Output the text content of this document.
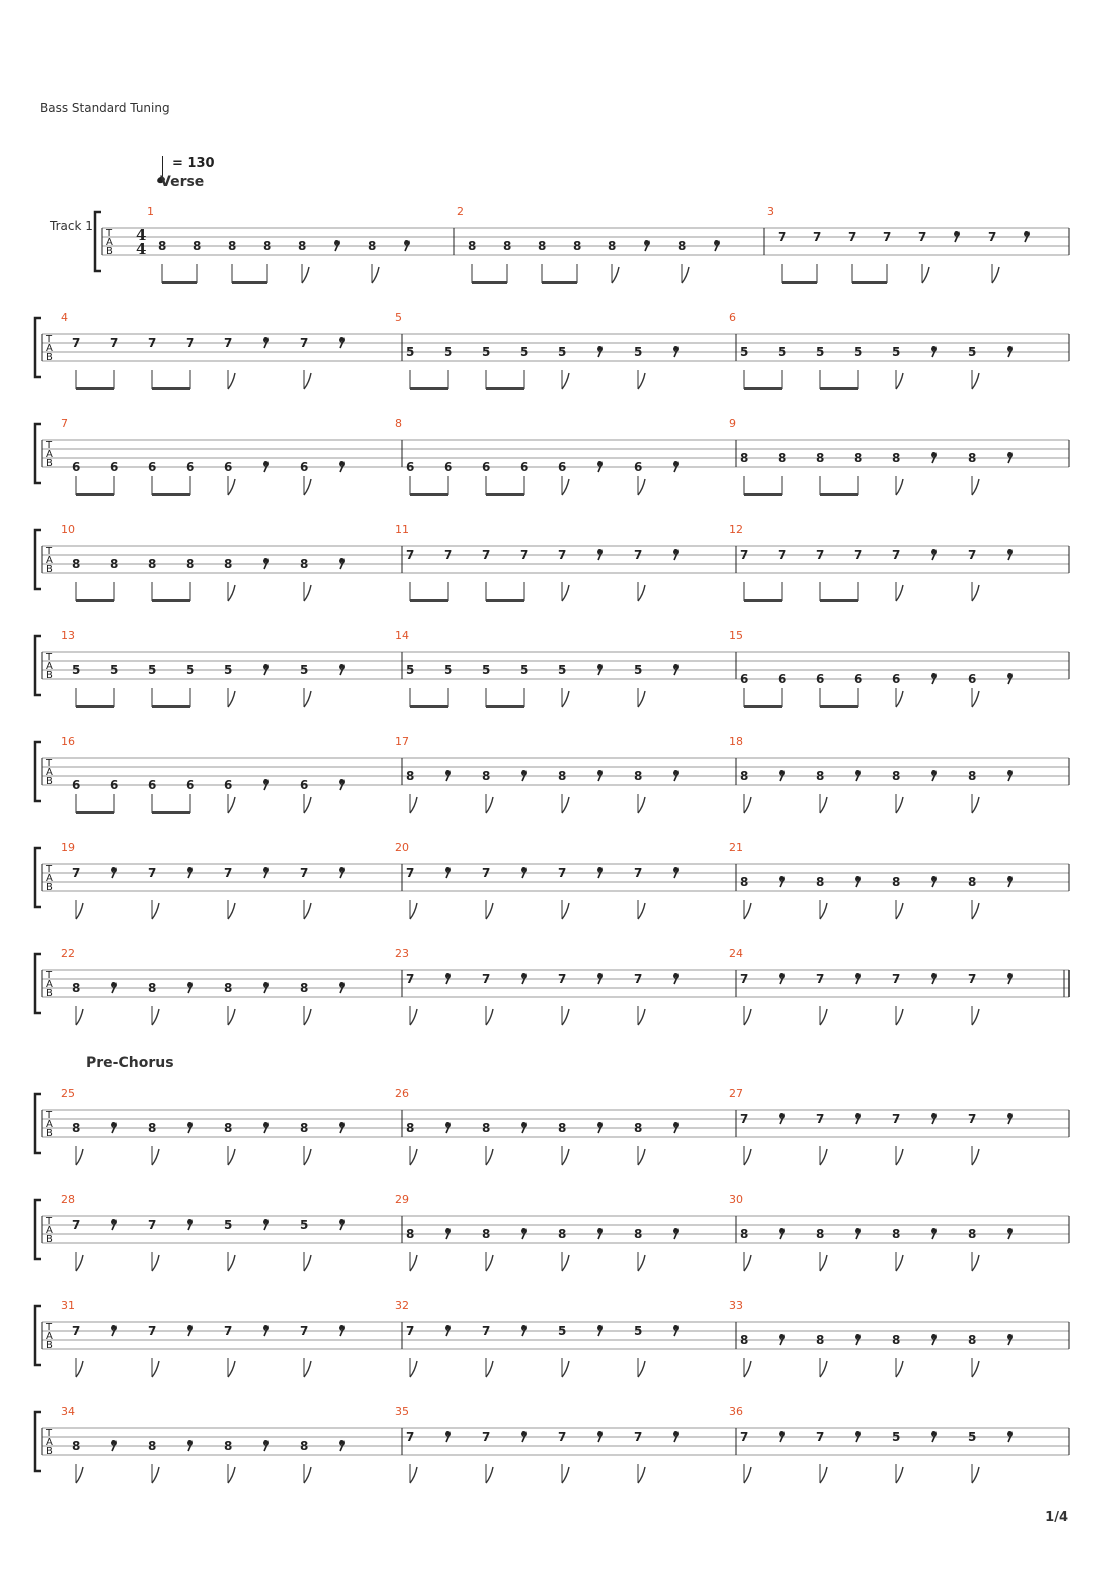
Bass Standard Tuning
= 130
Verse
Pre-Chorus
Track 1
1/4
T
A
B
4
4
1
8 8 8 8 8	8
2
8 8 8 8 8	8
3
7 7 7 7 7	7
T
A
B
4
7 7 7 7 7	7
5
5 5 5 5 5	5
6
5 5 5 5 5	5
T
A
B
7
6 6 6 6 6	6
8
6 6 6 6 6	6
9
8 8 8 8 8	8
T
A
B
10
8 8 8 8 8	8
11
7 7 7 7 7	7
12
7 7 7 7 7	7
T
A
B
13
5 5 5 5 5	5
14
5 5 5 5 5	5
15
6 6 6 6 6	6
T
A
B
16
6 6 6 6 6	6
17
8	8	8	8
18
8	8	8	8
T
A
B
19
7	7	7	7
20
7	7	7	7
21
8	8	8	8
T
A
B
22
8	8	8	8
23
7	7	7	7
24
7	7	7	7
T
A
B
25
8	8	8	8
26
8	8	8	8
27
7	7	7	7
T
A
B
28
7	7	5	5
29
8	8	8	8
30
8	8	8	8
T
A
B
31
7	7	7	7
32
7	7	5	5
33
8	8	8	8
T
A
B
34
8	8	8	8
35
7	7	7	7
36
7	7	5	5
